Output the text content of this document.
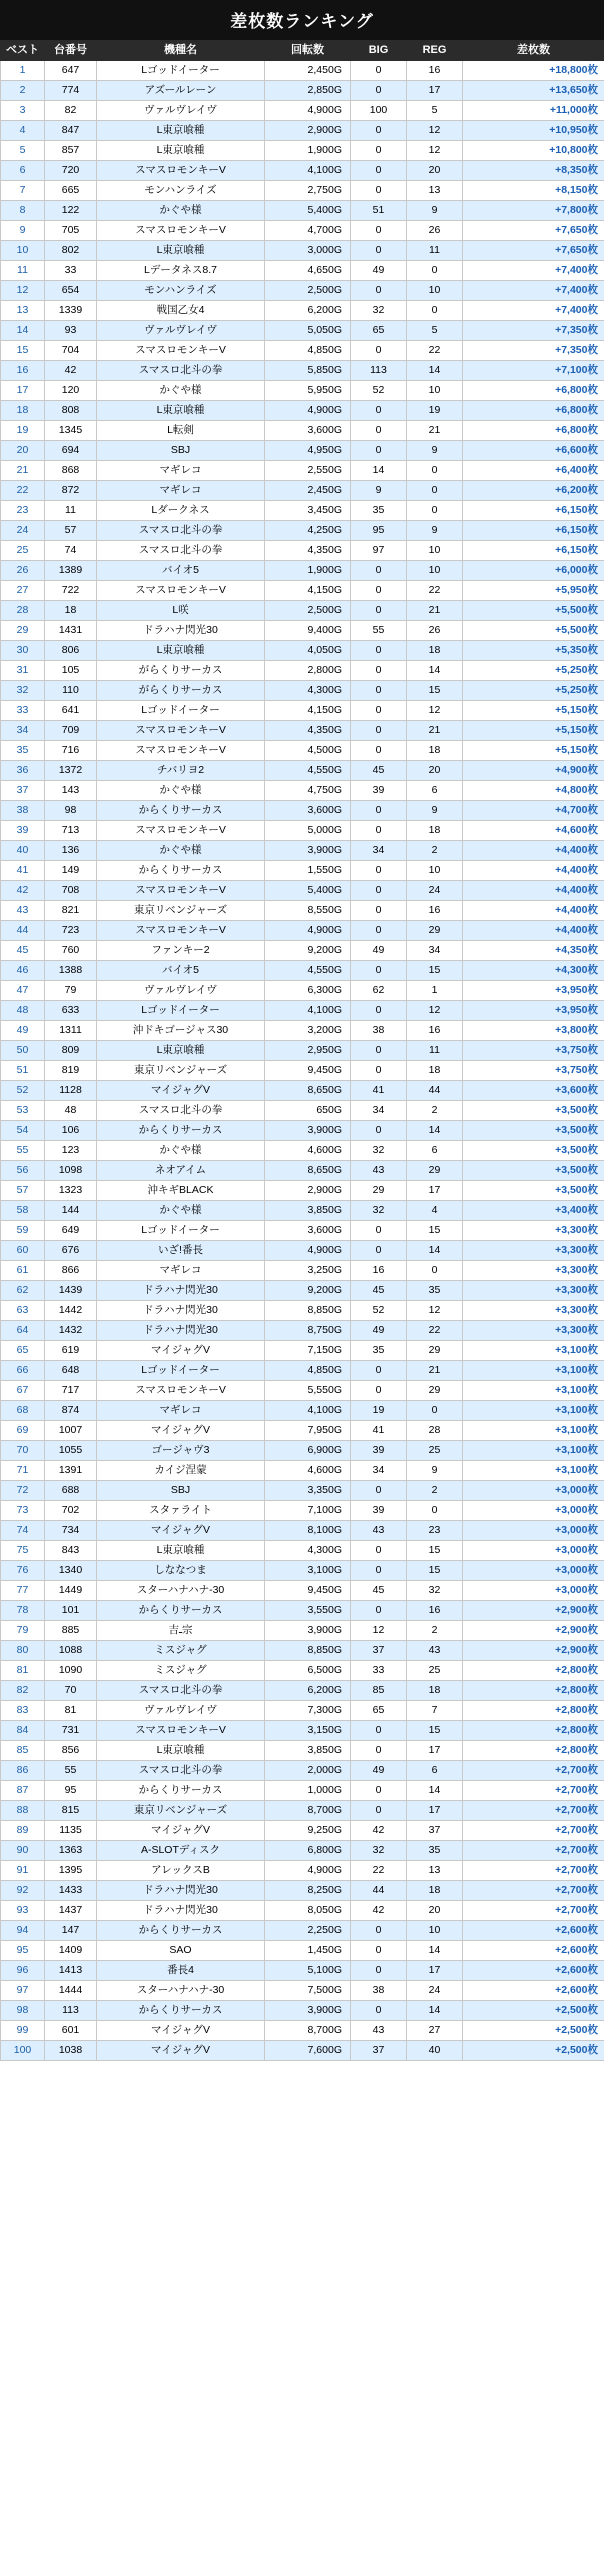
差枚数ランキング
ベスト	台番号	機種名	回転数	BIG	REG	差枚数
1	647	Lゴッドイーター	2,450G	0	16	+18,800枚
2	774	アズールレーン	2,850G	0	17	+13,650枚
3	82	ヴァルヴレイヴ	4,900G	100	5	+11,000枚
4	847	L東京喰種	2,900G	0	12	+10,950枚
5	857	L東京喰種	1,900G	0	12	+10,800枚
6	720	スマスロモンキーV	4,100G	0	20	+8,350枚
7	665	モンハンライズ	2,750G	0	13	+8,150枚
8	122	かぐや様	5,400G	51	9	+7,800枚
9	705	スマスロモンキーV	4,700G	0	26	+7,650枚
10	802	L東京喰種	3,000G	0	11	+7,650枚
11	33	Lデータネス8.7	4,650G	49	0	+7,400枚
12	654	モンハンライズ	2,500G	0	10	+7,400枚
13	1339	戦国乙女4	6,200G	32	0	+7,400枚
14	93	ヴァルヴレイヴ	5,050G	65	5	+7,350枚
15	704	スマスロモンキーV	4,850G	0	22	+7,350枚
16	42	スマスロ北斗の拳	5,850G	113	14	+7,100枚
17	120	かぐや様	5,950G	52	10	+6,800枚
18	808	L東京喰種	4,900G	0	19	+6,800枚
19	1345	L転剣	3,600G	0	21	+6,800枚
20	694	SBJ	4,950G	0	9	+6,600枚
21	868	マギレコ	2,550G	14	0	+6,400枚
22	872	マギレコ	2,450G	9	0	+6,200枚
23	11	Lダークネス	3,450G	35	0	+6,150枚
24	57	スマスロ北斗の拳	4,250G	95	9	+6,150枚
25	74	スマスロ北斗の拳	4,350G	97	10	+6,150枚
26	1389	バイオ5	1,900G	0	10	+6,000枚
27	722	スマスロモンキーV	4,150G	0	22	+5,950枚
28	18	L咲	2,500G	0	21	+5,500枚
29	1431	ドラハナ閃光30	9,400G	55	26	+5,500枚
30	806	L東京喰種	4,050G	0	18	+5,350枚
31	105	がらくりサーカス	2,800G	0	14	+5,250枚
32	110	がらくりサーカス	4,300G	0	15	+5,250枚
33	641	Lゴッドイーター	4,150G	0	12	+5,150枚
34	709	スマスロモンキーV	4,350G	0	21	+5,150枚
35	716	スマスロモンキーV	4,500G	0	18	+5,150枚
36	1372	チバリヨ2	4,550G	45	20	+4,900枚
37	143	かぐや様	4,750G	39	6	+4,800枚
38	98	からくりサーカス	3,600G	0	9	+4,700枚
39	713	スマスロモンキーV	5,000G	0	18	+4,600枚
40	136	かぐや様	3,900G	34	2	+4,400枚
41	149	からくりサーカス	1,550G	0	10	+4,400枚
42	708	スマスロモンキーV	5,400G	0	24	+4,400枚
43	821	東京リベンジャーズ	8,550G	0	16	+4,400枚
44	723	スマスロモンキーV	4,900G	0	29	+4,400枚
45	760	ファンキー2	9,200G	49	34	+4,350枚
46	1388	バイオ5	4,550G	0	15	+4,300枚
47	79	ヴァルヴレイヴ	6,300G	62	1	+3,950枚
48	633	Lゴッドイーター	4,100G	0	12	+3,950枚
49	1311	沖ドキゴージャス30	3,200G	38	16	+3,800枚
50	809	L東京喰種	2,950G	0	11	+3,750枚
51	819	東京リベンジャーズ	9,450G	0	18	+3,750枚
52	1128	マイジャグV	8,650G	41	44	+3,600枚
53	48	スマスロ北斗の拳	650G	34	2	+3,500枚
54	106	からくりサーカス	3,900G	0	14	+3,500枚
55	123	かぐや様	4,600G	32	6	+3,500枚
56	1098	ネオアイム	8,650G	43	29	+3,500枚
57	1323	沖キギBLACK	2,900G	29	17	+3,500枚
58	144	かぐや様	3,850G	32	4	+3,400枚
59	649	Lゴッドイーター	3,600G	0	15	+3,300枚
60	676	いざ!番長	4,900G	0	14	+3,300枚
61	866	マギレコ	3,250G	16	0	+3,300枚
62	1439	ドラハナ閃光30	9,200G	45	35	+3,300枚
63	1442	ドラハナ閃光30	8,850G	52	12	+3,300枚
64	1432	ドラハナ閃光30	8,750G	49	22	+3,300枚
65	619	マイジャグV	7,150G	35	29	+3,100枚
66	648	Lゴッドイーター	4,850G	0	21	+3,100枚
67	717	スマスロモンキーV	5,550G	0	29	+3,100枚
68	874	マギレコ	4,100G	19	0	+3,100枚
69	1007	マイジャグV	7,950G	41	28	+3,100枚
70	1055	ゴージャヴ3	6,900G	39	25	+3,100枚
71	1391	カイジ涅蒙	4,600G	34	9	+3,100枚
72	688	SBJ	3,350G	0	2	+3,000枚
73	702	スタァライト	7,100G	39	0	+3,000枚
74	734	マイジャグV	8,100G	43	23	+3,000枚
75	843	L東京喰種	4,300G	0	15	+3,000枚
76	1340	しななつま	3,100G	0	15	+3,000枚
77	1449	スターハナハナ-30	9,450G	45	32	+3,000枚
78	101	からくりサーカス	3,550G	0	16	+2,900枚
79	885	吉ـ宗	3,900G	12	2	+2,900枚
80	1088	ミスジャグ	8,850G	37	43	+2,900枚
81	1090	ミスジャグ	6,500G	33	25	+2,800枚
82	70	スマスロ北斗の拳	6,200G	85	18	+2,800枚
83	81	ヴァルヴレイヴ	7,300G	65	7	+2,800枚
84	731	スマスロモンキーV	3,150G	0	15	+2,800枚
85	856	L東京喰種	3,850G	0	17	+2,800枚
86	55	スマスロ北斗の拳	2,000G	49	6	+2,700枚
87	95	からくりサーカス	1,000G	0	14	+2,700枚
88	815	東京リベンジャーズ	8,700G	0	17	+2,700枚
89	1135	マイジャグV	9,250G	42	37	+2,700枚
90	1363	A-SLOTディスク	6,800G	32	35	+2,700枚
91	1395	アレックスB	4,900G	22	13	+2,700枚
92	1433	ドラハナ閃光30	8,250G	44	18	+2,700枚
93	1437	ドラハナ閃光30	8,050G	42	20	+2,700枚
94	147	からくりサーカス	2,250G	0	10	+2,600枚
95	1409	SAO	1,450G	0	14	+2,600枚
96	1413	番長4	5,100G	0	17	+2,600枚
97	1444	スターハナハナ-30	7,500G	38	24	+2,600枚
98	113	からくりサーカス	3,900G	0	14	+2,500枚
99	601	マイジャグV	8,700G	43	27	+2,500枚
100	1038	マイジャグV	7,600G	37	40	+2,500枚
